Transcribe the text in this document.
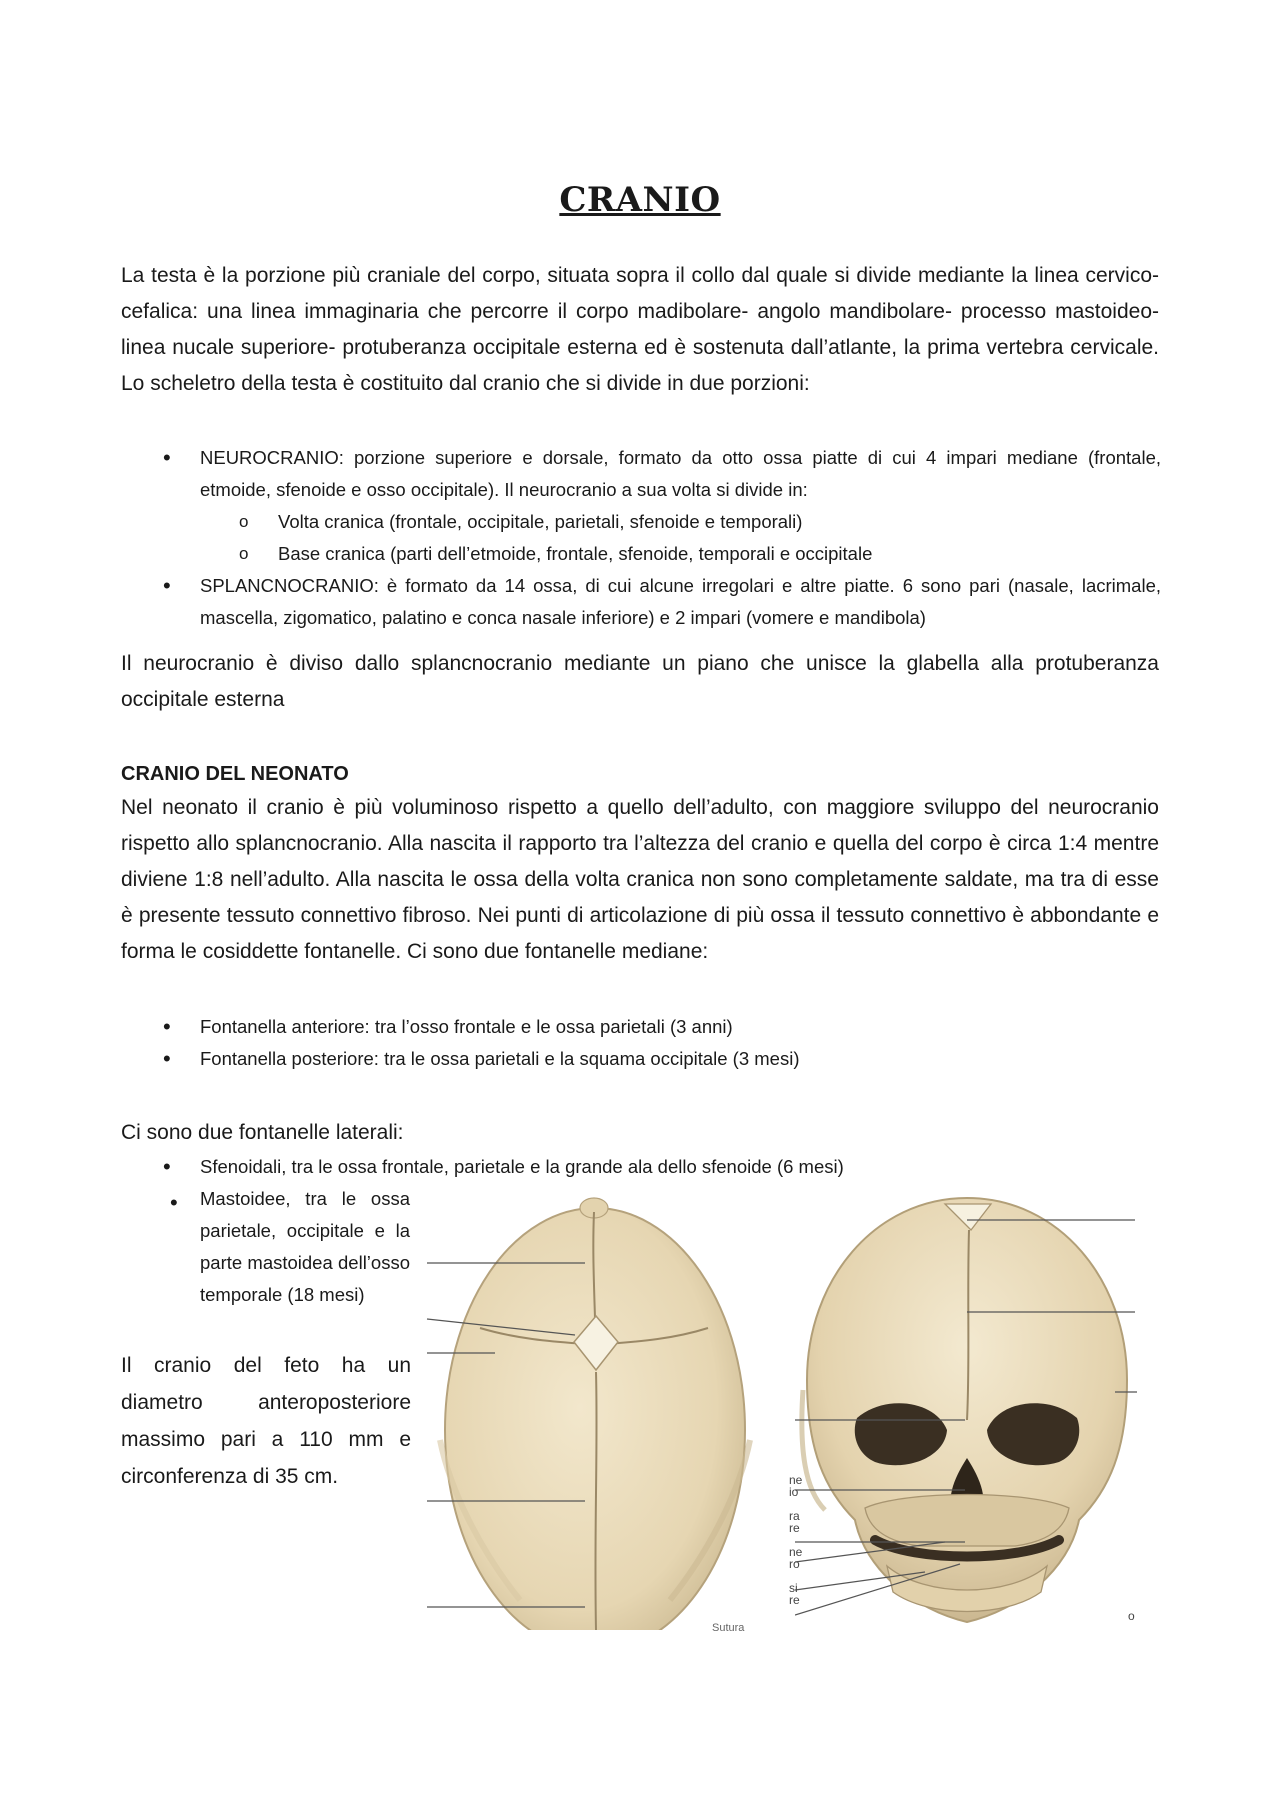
CRANIO

La testa è la porzione più craniale del corpo, situata sopra il collo dal quale si divide mediante la linea cervico-cefalica: una linea immaginaria che percorre il corpo madibolare- angolo mandibolare- processo mastoideo- linea nucale superiore- protuberanza occipitale esterna ed è sostenuta dall’atlante, la prima vertebra cervicale. Lo scheletro della testa è costituito dal cranio che si divide in due porzioni:

• NEUROCRANIO: porzione superiore e dorsale, formato da otto ossa piatte di cui 4 impari mediane (frontale, etmoide, sfenoide e osso occipitale). Il neurocranio a sua volta si divide in:
o Volta cranica (frontale, occipitale, parietali, sfenoide e temporali)
o Base cranica (parti dell’etmoide, frontale, sfenoide, temporali e occipitale
• SPLANCNOCRANIO: è formato da 14 ossa, di cui alcune irregolari e altre piatte. 6 sono pari (nasale, lacrimale, mascella, zigomatico, palatino e conca nasale inferiore) e 2 impari (vomere e mandibola)

Il neurocranio è diviso dallo splancnocranio mediante un piano che unisce la glabella alla protuberanza occipitale esterna

CRANIO DEL NEONATO

Nel neonato il cranio è più voluminoso rispetto a quello dell’adulto, con maggiore sviluppo del neurocranio rispetto allo splancnocranio. Alla nascita il rapporto tra l’altezza del cranio e quella del corpo è circa 1:4 mentre diviene 1:8 nell’adulto. Alla nascita le ossa della volta cranica non sono completamente saldate, ma tra di esse è presente tessuto connettivo fibroso. Nei punti di articolazione di più ossa il tessuto connettivo è abbondante e forma le cosiddette fontanelle. Ci sono due fontanelle mediane:

• Fontanella anteriore: tra l’osso frontale e le ossa parietali (3 anni)
• Fontanella posteriore: tra le ossa parietali e la squama occipitale (3 mesi)

Ci sono due fontanelle laterali:

• Sfenoidali, tra le ossa frontale, parietale e la grande ala dello sfenoide (6 mesi)
• Mastoidee, tra le ossa parietale, occipitale e la parte mastoidea dell’osso temporale (18 mesi)

Il cranio del feto ha un diametro anteroposteriore massimo pari a 110 mm e circonferenza di 35 cm.

Sutura
ne
io
ra
re
ne
ro
si
re
o
